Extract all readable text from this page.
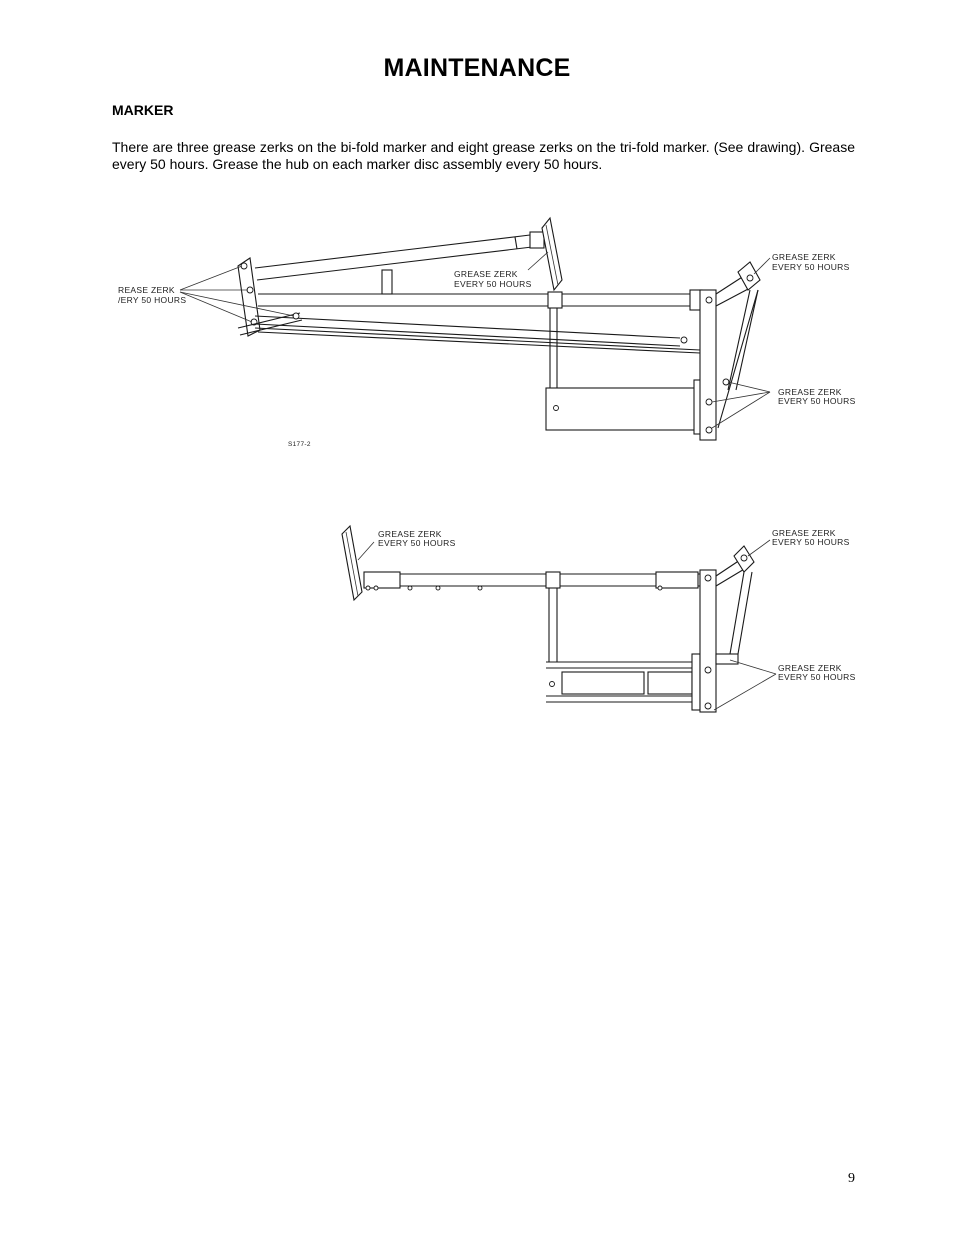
MAINTENANCE
MARKER
There are three grease zerks on the bi-fold marker and eight grease zerks on the tri-fold marker. (See drawing). Grease every 50 hours. Grease the hub on each marker disc assembly every 50 hours.
REASE ZERK
/ERY 50 HOURS
GREASE ZERK
EVERY 50 HOURS
GREASE ZERK
EVERY 50 HOURS
GREASE ZERK
EVERY 50 HOURS
S177-2
GREASE ZERK
EVERY 50 HOURS
GREASE ZERK
EVERY 50 HOURS
GREASE ZERK
EVERY 50 HOURS
9
